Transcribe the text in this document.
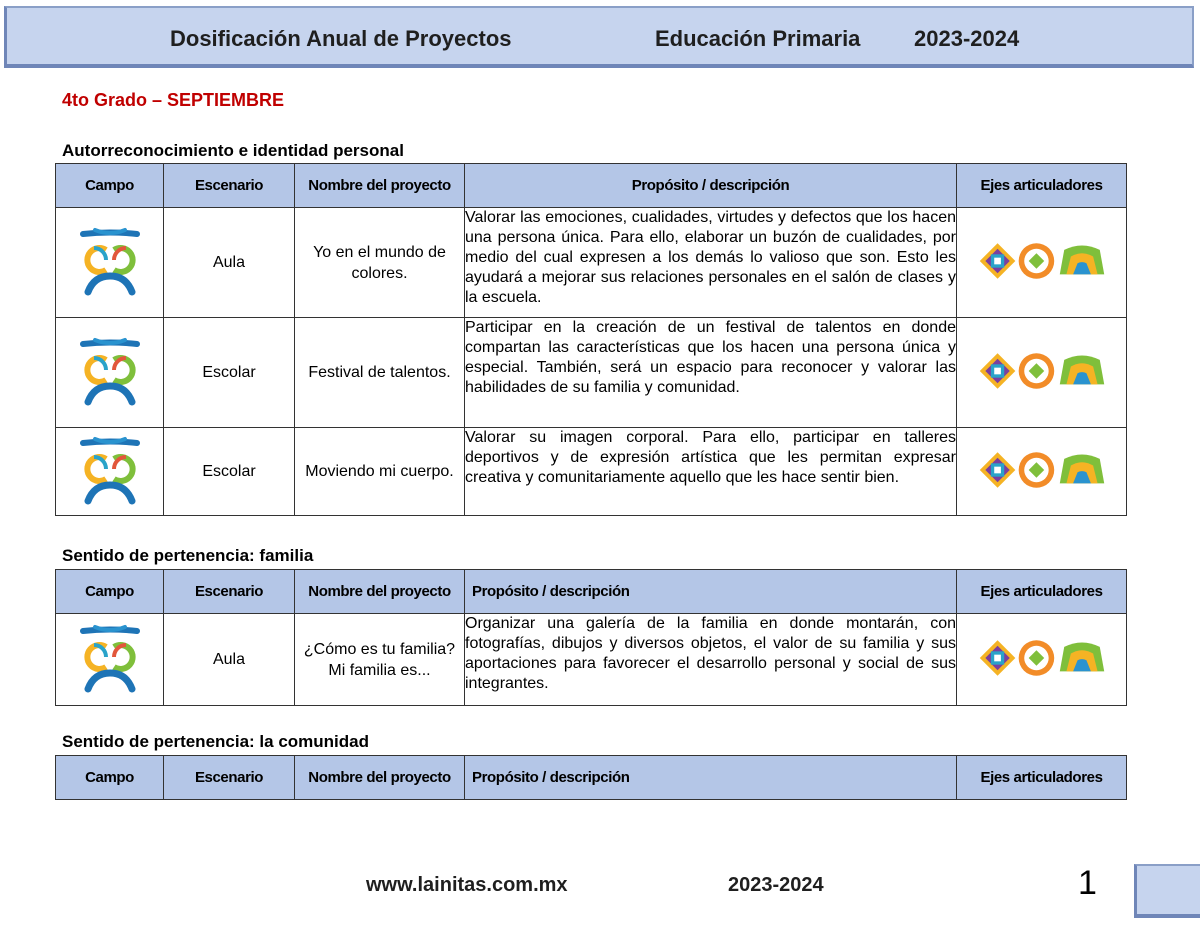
Dosificación Anual de Proyectos	Educación Primaria 2023-2024
4to Grado – SEPTIEMBRE
Autorreconocimiento e identidad personal
Campo	Escenario	Nombre del proyecto	Propósito / descripción	Ejes articuladores
	Aula	Yo en el mundo de colores.	Valorar las emociones, cualidades, virtudes y defectos que los hacen una persona única. Para ello, elaborar un buzón de cualidades, por medio del cual expresen a los demás lo valioso que son. Esto les ayudará a mejorar sus relaciones personales en el salón de clases y la escuela.	
	Escolar	Festival de talentos.	Participar en la creación de un festival de talentos en donde compartan las características que los hacen una persona única y especial. También, será un espacio para reconocer y valorar las habilidades de su familia y comunidad.	
	Escolar	Moviendo mi cuerpo.	Valorar su imagen corporal. Para ello, participar en talleres deportivos y de expresión artística que les permitan expresar creativa y comunitariamente aquello que les hace sentir bien.	
Sentido de pertenencia: familia
Campo	Escenario	Nombre del proyecto	Propósito / descripción	Ejes articuladores
	Aula	¿Cómo es tu familia? Mi familia es...	Organizar una galería de la familia en donde montarán, con fotografías, dibujos y diversos objetos, el valor de su familia y sus aportaciones para favorecer el desarrollo personal y social de sus integrantes.	
Sentido de pertenencia: la comunidad
Campo	Escenario	Nombre del proyecto	Propósito / descripción	Ejes articuladores
www.lainitas.com.mx	2023-2024	1
